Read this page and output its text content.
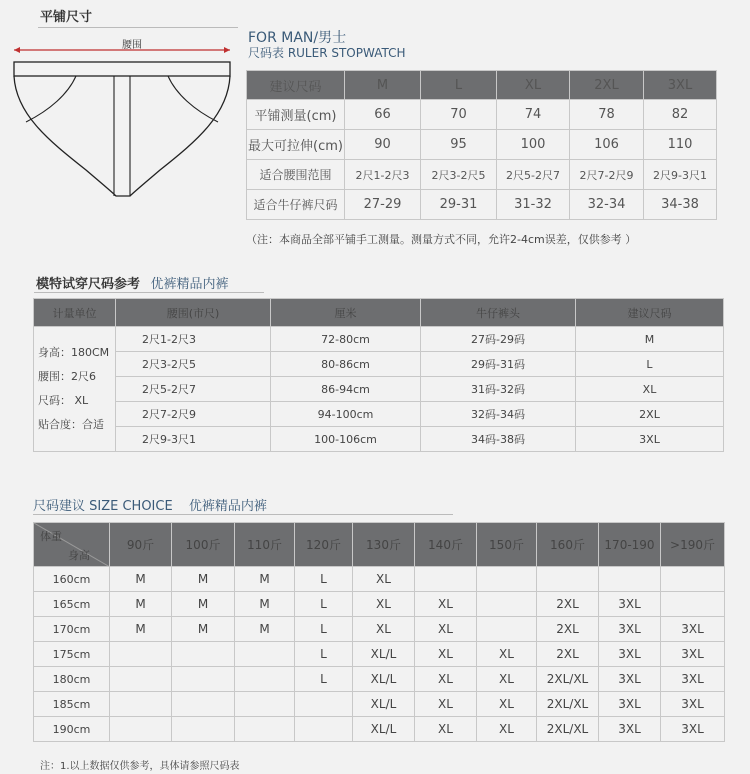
平铺尺寸
腰围	FOR MAN/男士
尺码表 RULER STOPWATCH
建议尺码	M	L	XL	2XL	3XL
平铺测量(cm)	66	70	74	78	82
最大可拉伸(cm)	90	95	100	106	110
适合腰围范围	2尺1-2尺3	2尺3-2尺5	2尺5-2尺7	2尺7-2尺9	2尺9-3尺1
适合牛仔裤尺码	27-29	29-31	31-32	32-34	34-38
（注：本商品全部平铺手工测量。测量方式不同，允许2-4cm误差，仅供参考 ）
模特试穿尺码参考 优裤精品内裤
计量单位	腰围(市尺)	厘米	牛仔裤头	建议尺码

身高：180CM
腰围：2尺6
尺码： XL
贴合度：合适	2尺1-2尺3	72-80cm	27码-29码	M
	2尺3-2尺5	80-86cm	29码-31码	L
	2尺5-2尺7	86-94cm	31码-32码	XL
	2尺7-2尺9	94-100cm	32码-34码	2XL
	2尺9-3尺1	100-106cm	34码-38码	3XL
尺码建议 SIZE CHOICE 优裤精品内裤
体重
身高	90斤	100斤	110斤	120斤	130斤	140斤	150斤	160斤	170-190	>190斤
160cm	M	M	M	L	XL					
165cm	M	M	M	L	XL	XL		2XL	3XL	
170cm	M	M	M	L	XL	XL		2XL	3XL	3XL
175cm				L	XL/L	XL	XL	2XL	3XL	3XL
180cm				L	XL/L	XL	XL	2XL/XL	3XL	3XL
185cm					XL/L	XL	XL	2XL/XL	3XL	3XL
190cm					XL/L	XL	XL	2XL/XL	3XL	3XL
注：1.以上数据仅供参考，具体请参照尺码表
